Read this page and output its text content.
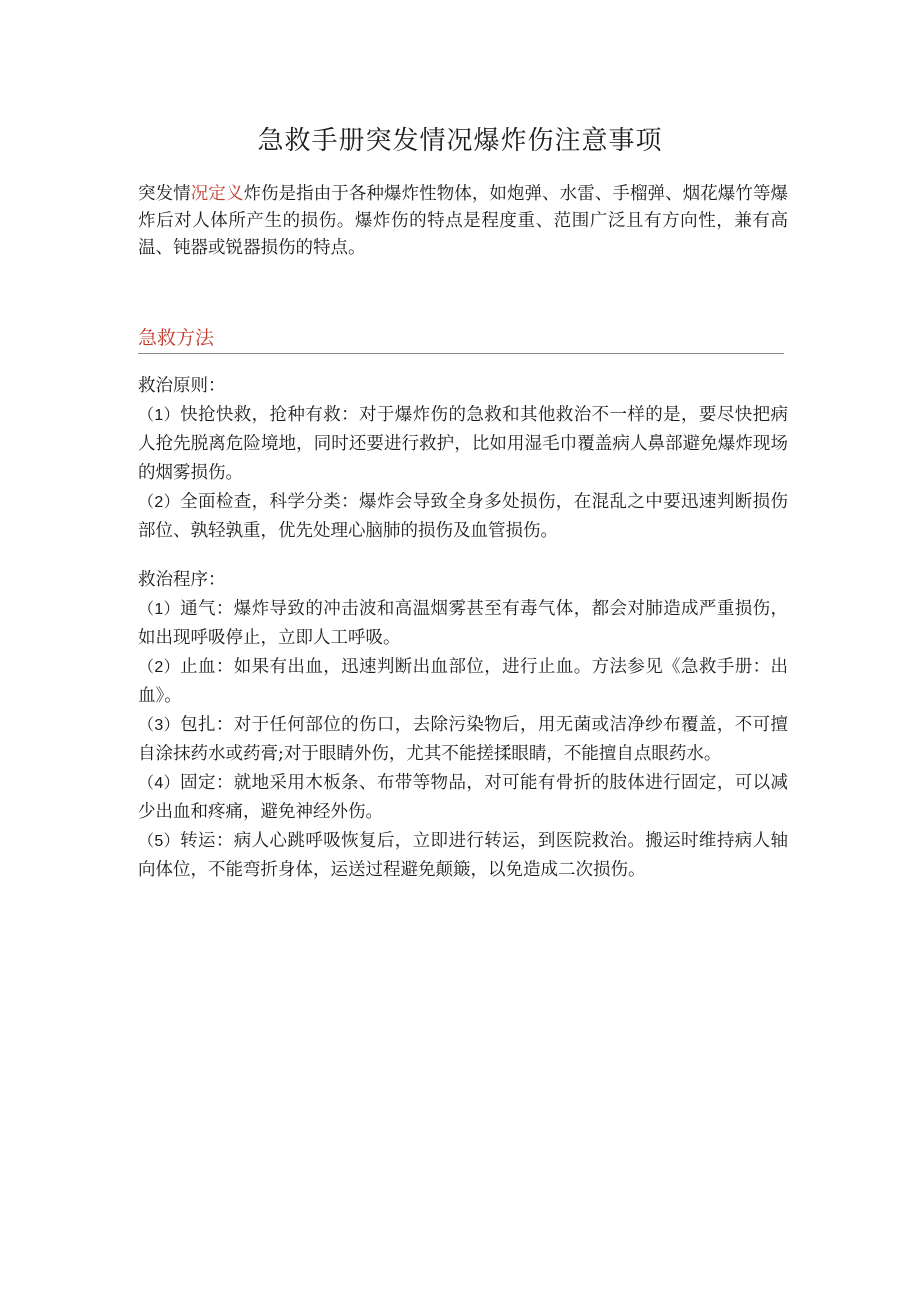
急救手册突发情况爆炸伤注意事项
突发情况定义炸伤是指由于各种爆炸性物体，如炮弹、水雷、手榴弹、烟花爆竹等爆炸后对人体所产生的损伤。爆炸伤的特点是程度重、范围广泛且有方向性，兼有高温、钝器或锐器损伤的特点。
急救方法

救治原则：

（1）快抢快救，抢种有救：对于爆炸伤的急救和其他救治不一样的是，要尽快把病人抢先脱离危险境地，同时还要进行救护，比如用湿毛巾覆盖病人鼻部避免爆炸现场的烟雾损伤。

（2）全面检查，科学分类：爆炸会导致全身多处损伤，在混乱之中要迅速判断损伤部位、孰轻孰重，优先处理心脑肺的损伤及血管损伤。

救治程序：

（1）通气：爆炸导致的冲击波和高温烟雾甚至有毒气体，都会对肺造成严重损伤，如出现呼吸停止，立即人工呼吸。

（2）止血：如果有出血，迅速判断出血部位，进行止血。方法参见《急救手册：出血》。

（3）包扎：对于任何部位的伤口，去除污染物后，用无菌或洁净纱布覆盖，不可擅自涂抹药水或药膏;对于眼睛外伤，尤其不能搓揉眼睛，不能擅自点眼药水。

（4）固定：就地采用木板条、布带等物品，对可能有骨折的肢体进行固定，可以减少出血和疼痛，避免神经外伤。

（5）转运：病人心跳呼吸恢复后，立即进行转运，到医院救治。搬运时维持病人轴向体位，不能弯折身体，运送过程避免颠簸，以免造成二次损伤。
